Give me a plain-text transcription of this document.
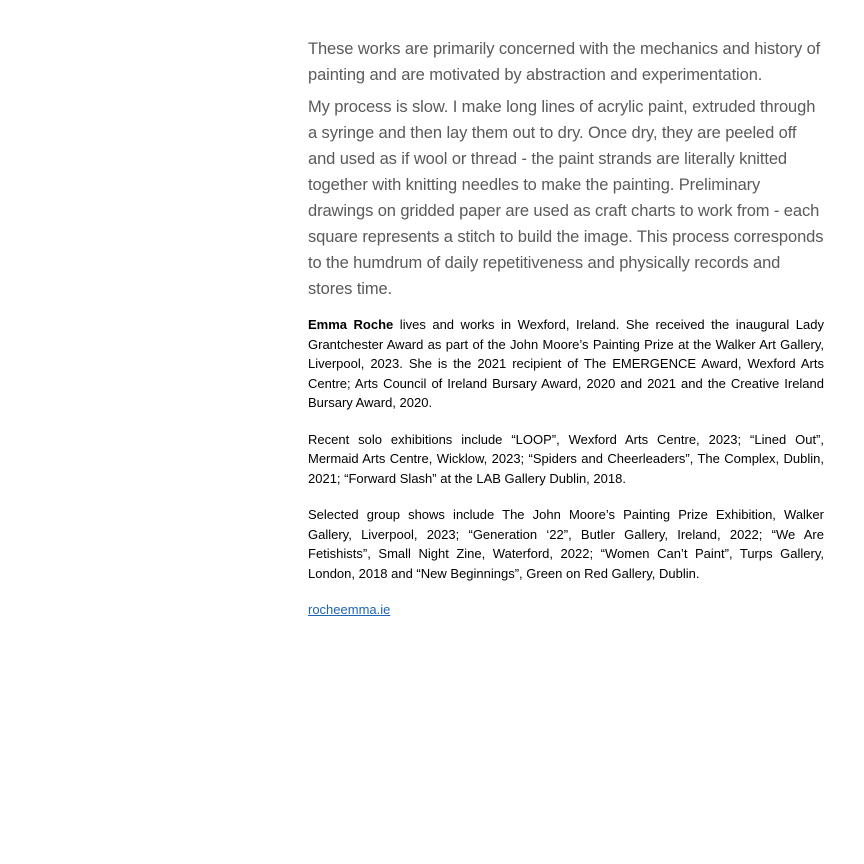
These works are primarily concerned with the mechanics and history of painting and are motivated by abstraction and experimentation.

My process is slow. I make long lines of acrylic paint, extruded through a syringe and then lay them out to dry. Once dry, they are peeled off and used as if wool or thread - the paint strands are literally knitted together with knitting needles to make the painting. Preliminary drawings on gridded paper are used as craft charts to work from - each square represents a stitch to build the image. This process corresponds to the humdrum of daily repetitiveness and physically records and stores time.

Emma Roche lives and works in Wexford, Ireland. She received the inaugural Lady Grantchester Award as part of the John Moore’s Painting Prize at the Walker Art Gallery, Liverpool, 2023. She is the 2021 recipient of The EMERGENCE Award, Wexford Arts Centre; Arts Council of Ireland Bursary Award, 2020 and 2021 and the Creative Ireland Bursary Award, 2020.

Recent solo exhibitions include “LOOP”, Wexford Arts Centre, 2023; “Lined Out”, Mermaid Arts Centre, Wicklow, 2023; “Spiders and Cheerleaders”, The Complex, Dublin, 2021; “Forward Slash” at the LAB Gallery Dublin, 2018.

Selected group shows include The John Moore’s Painting Prize Exhibition, Walker Gallery, Liverpool, 2023; “Generation ‘22”, Butler Gallery, Ireland, 2022; “We Are Fetishists”, Small Night Zine, Waterford, 2022; “Women Can’t Paint”, Turps Gallery, London, 2018 and “New Beginnings”, Green on Red Gallery, Dublin.

rocheemma.ie
